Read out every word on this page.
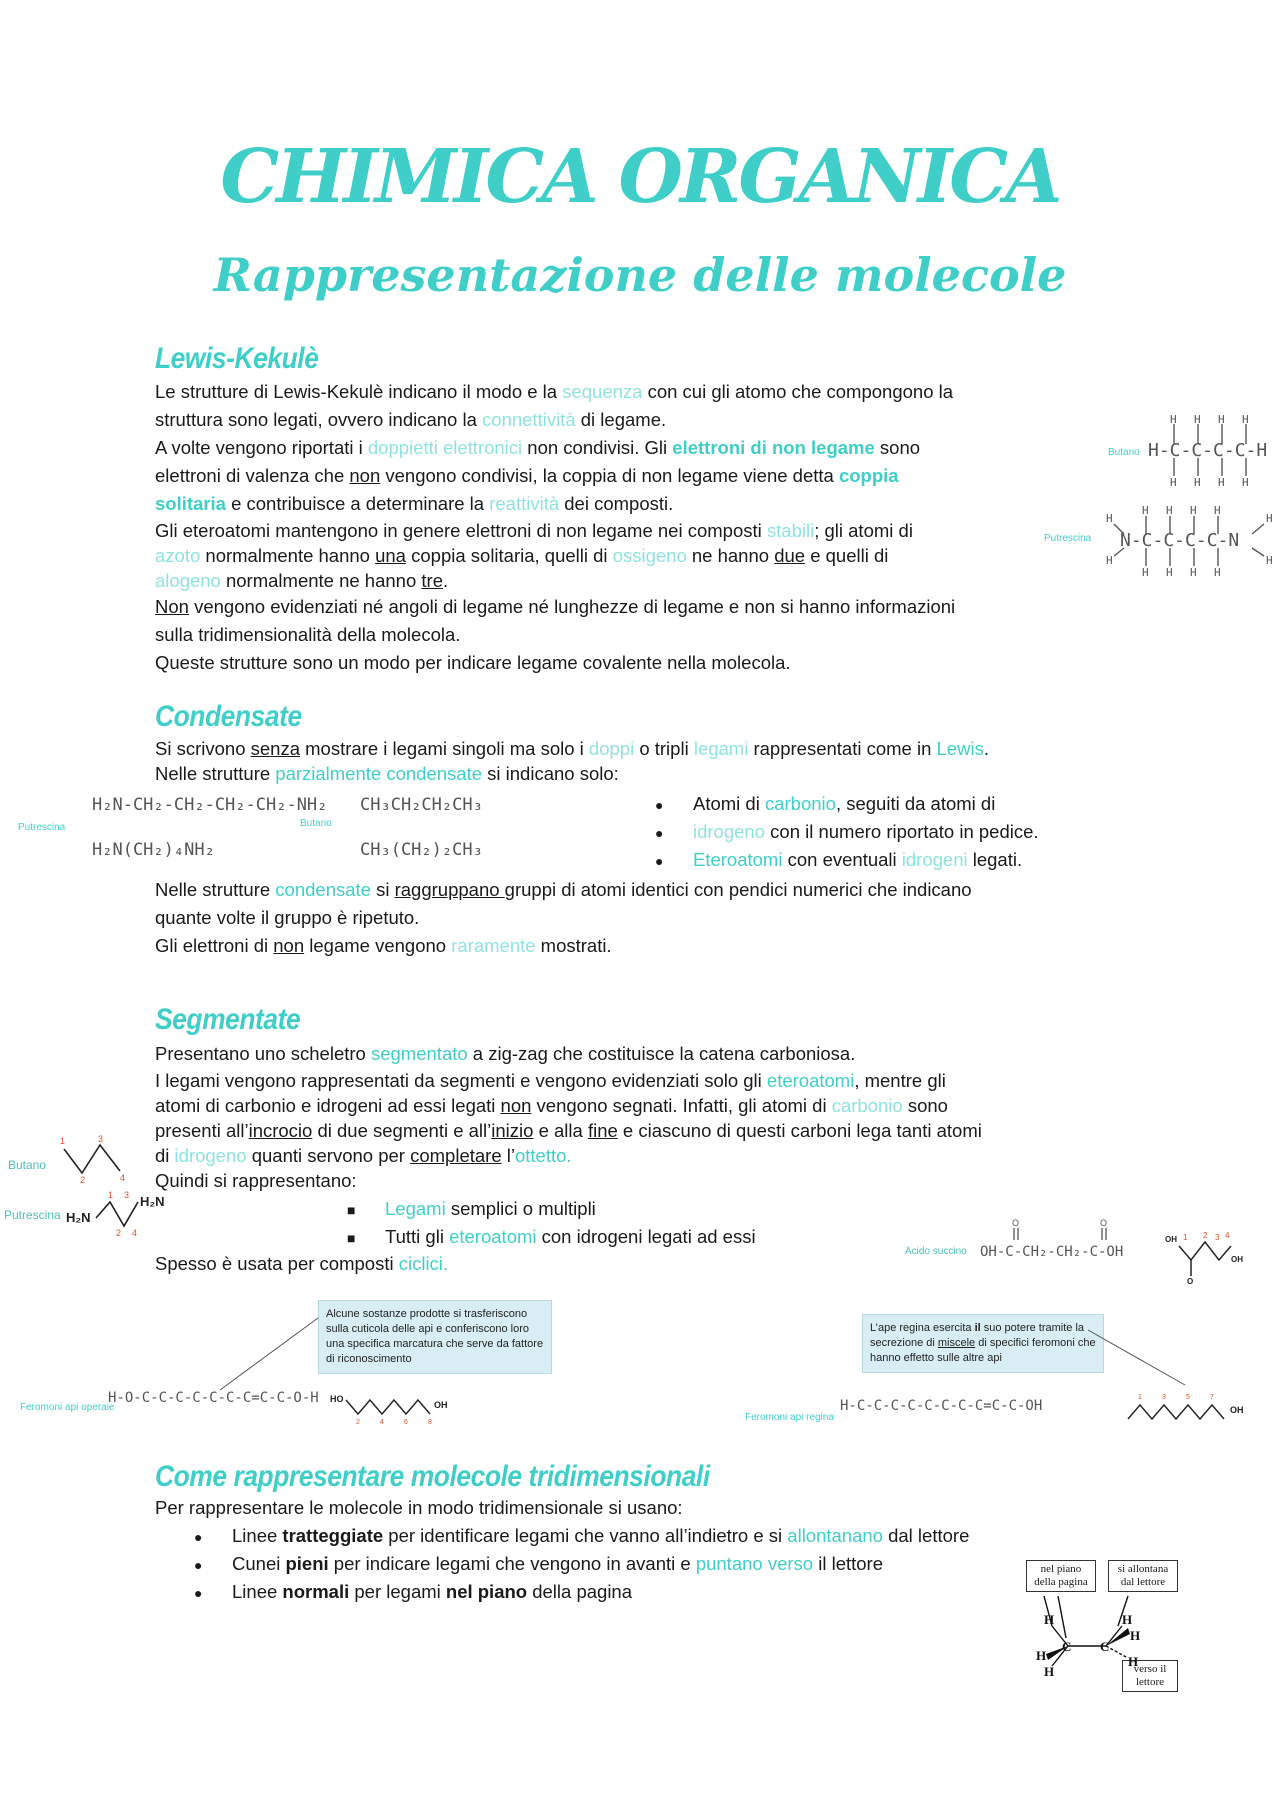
CHIMICA ORGANICA
Rappresentazione delle molecole
Lewis-Kekulè
Le strutture di Lewis-Kekulè indicano il modo e la sequenza con cui gli atomo che compongono la
struttura sono legati, ovvero indicano la connettività di legame.
A volte vengono riportati i doppietti elettronici non condivisi. Gli elettroni di non legame sono
elettroni di valenza che non vengono condivisi, la coppia di non legame viene detta coppia
solitaria e contribuisce a determinare la reattività dei composti.
Gli eteroatomi mantengono in genere elettroni di non legame nei composti stabili; gli atomi di
azoto normalmente hanno una coppia solitaria, quelli di ossigeno ne hanno due e quelli di
alogeno normalmente ne hanno tre.
Non vengono evidenziati né angoli di legame né lunghezze di legame e non si hanno informazioni
sulla tridimensionalità della molecola.
Queste strutture sono un modo per indicare legame covalente nella molecola.
Butano
H H H H
H H H H
H-C-C-C-C-H
Putrescina
H
H
H
H
H H H H
H H H H
N-C-C-C-C-N
Condensate
Si scrivono senza mostrare i legami singoli ma solo i doppi o tripli legami rappresentati come in Lewis.
Nelle strutture parzialmente condensate si indicano solo:
Putrescina
H₂N-CH₂-CH₂-CH₂-CH₂-NH₂
H₂N(CH₂)₄NH₂
Butano
CH₃CH₂CH₂CH₃
CH₃(CH₂)₂CH₃
● Atomi di carbonio, seguiti da atomi di
● idrogeno con il numero riportato in pedice.
● Eteroatomi con eventuali idrogeni legati.
Nelle strutture condensate si raggruppano gruppi di atomi identici con pendici numerici che indicano
quante volte il gruppo è ripetuto.
Gli elettroni di non legame vengono raramente mostrati.
Segmentate
Presentano uno scheletro segmentato a zig-zag che costituisce la catena carboniosa.
I legami vengono rappresentati da segmenti e vengono evidenziati solo gli eteroatomi, mentre gli
atomi di carbonio e idrogeni ad essi legati non vengono segnati. Infatti, gli atomi di carbonio sono
presenti all’incrocio di due segmenti e all’inizio e alla fine e ciascuno di questi carboni lega tanti atomi
di idrogeno quanti servono per completare l’ottetto.
Quindi si rappresentano:
■ Legami semplici o multipli
■ Tutti gli eteroatomi con idrogeni legati ad essi
Spesso è usata per composti ciclici.
Butano
1
2
3
4
Putrescina H₂N
H₂N
1
2
3
4
Acido succino
O	O
OH-C-CH₂-CH₂-C-OH
1 2 3 4
OH
O
OH
Alcune sostanze prodotte si trasferiscono sulla cuticola delle api e conferiscono loro una specifica marcatura che serve da fattore di riconoscimento
L’ape regina esercita il suo potere tramite la secrezione di miscele di specifici feromoni che hanno effetto sulle altre api
Feromoni api operaie
H-O-C-C-C-C-C-C-C=C-C-O-H HO
OH
2	4	6	8	Feromoni api regina
H-C-C-C-C-C-C-C-C=C-C-OH	OH
1	3	5	7
Come rappresentare molecole tridimensionali
Per rappresentare le molecole in modo tridimensionale si usano:
● Linee tratteggiate per identificare legami che vanno all’indietro e si allontanano dal lettore
● Cunei pieni per indicare legami che vengono in avanti e puntano verso il lettore
● Linee normali per legami nel piano della pagina
nel piano della pagina
si allontana dal lettore
verso il lettore
H
H
H
C C
H
H
H
